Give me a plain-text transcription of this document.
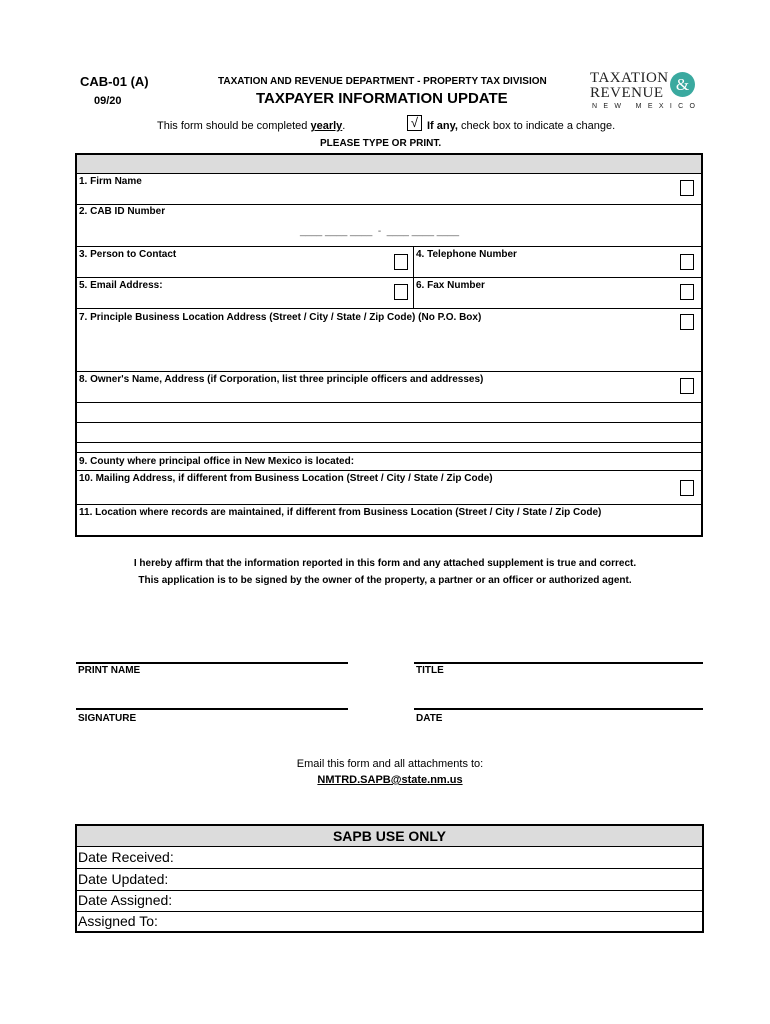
CAB-01 (A)
09/20
TAXATION AND REVENUE DEPARTMENT - PROPERTY TAX DIVISION
TAXPAYER INFORMATION UPDATE
This form should be completed yearly.	√ If any, check box to indicate a change.
PLEASE TYPE OR PRINT.
TAXATION
REVENUE &
N E W   M E X I C O
1. Firm Name
2. CAB ID Number
____ ____ ____  -  ____ ____ ____
3. Person to Contact	4. Telephone Number
5. Email Address:	6. Fax Number
7. Principle Business Location Address (Street / City / State / Zip Code) (No P.O. Box)
8. Owner's Name, Address (if Corporation, list three principle officers and addresses)
9. County where principal office in New Mexico is located:
10. Mailing Address, if different from Business Location (Street / City / State / Zip Code)
11. Location where records are maintained, if different from Business Location (Street / City / State / Zip Code)
I hereby affirm that the information reported in this form and any attached supplement is true and correct.
This application is to be signed by the owner of the property, a partner or an officer or authorized agent.
PRINT NAME	TITLE
SIGNATURE	DATE
Email this form and all attachments to:
NMTRD.SAPB@state.nm.us
SAPB USE ONLY
Date Received:
Date Updated:
Date Assigned:
Assigned To:
